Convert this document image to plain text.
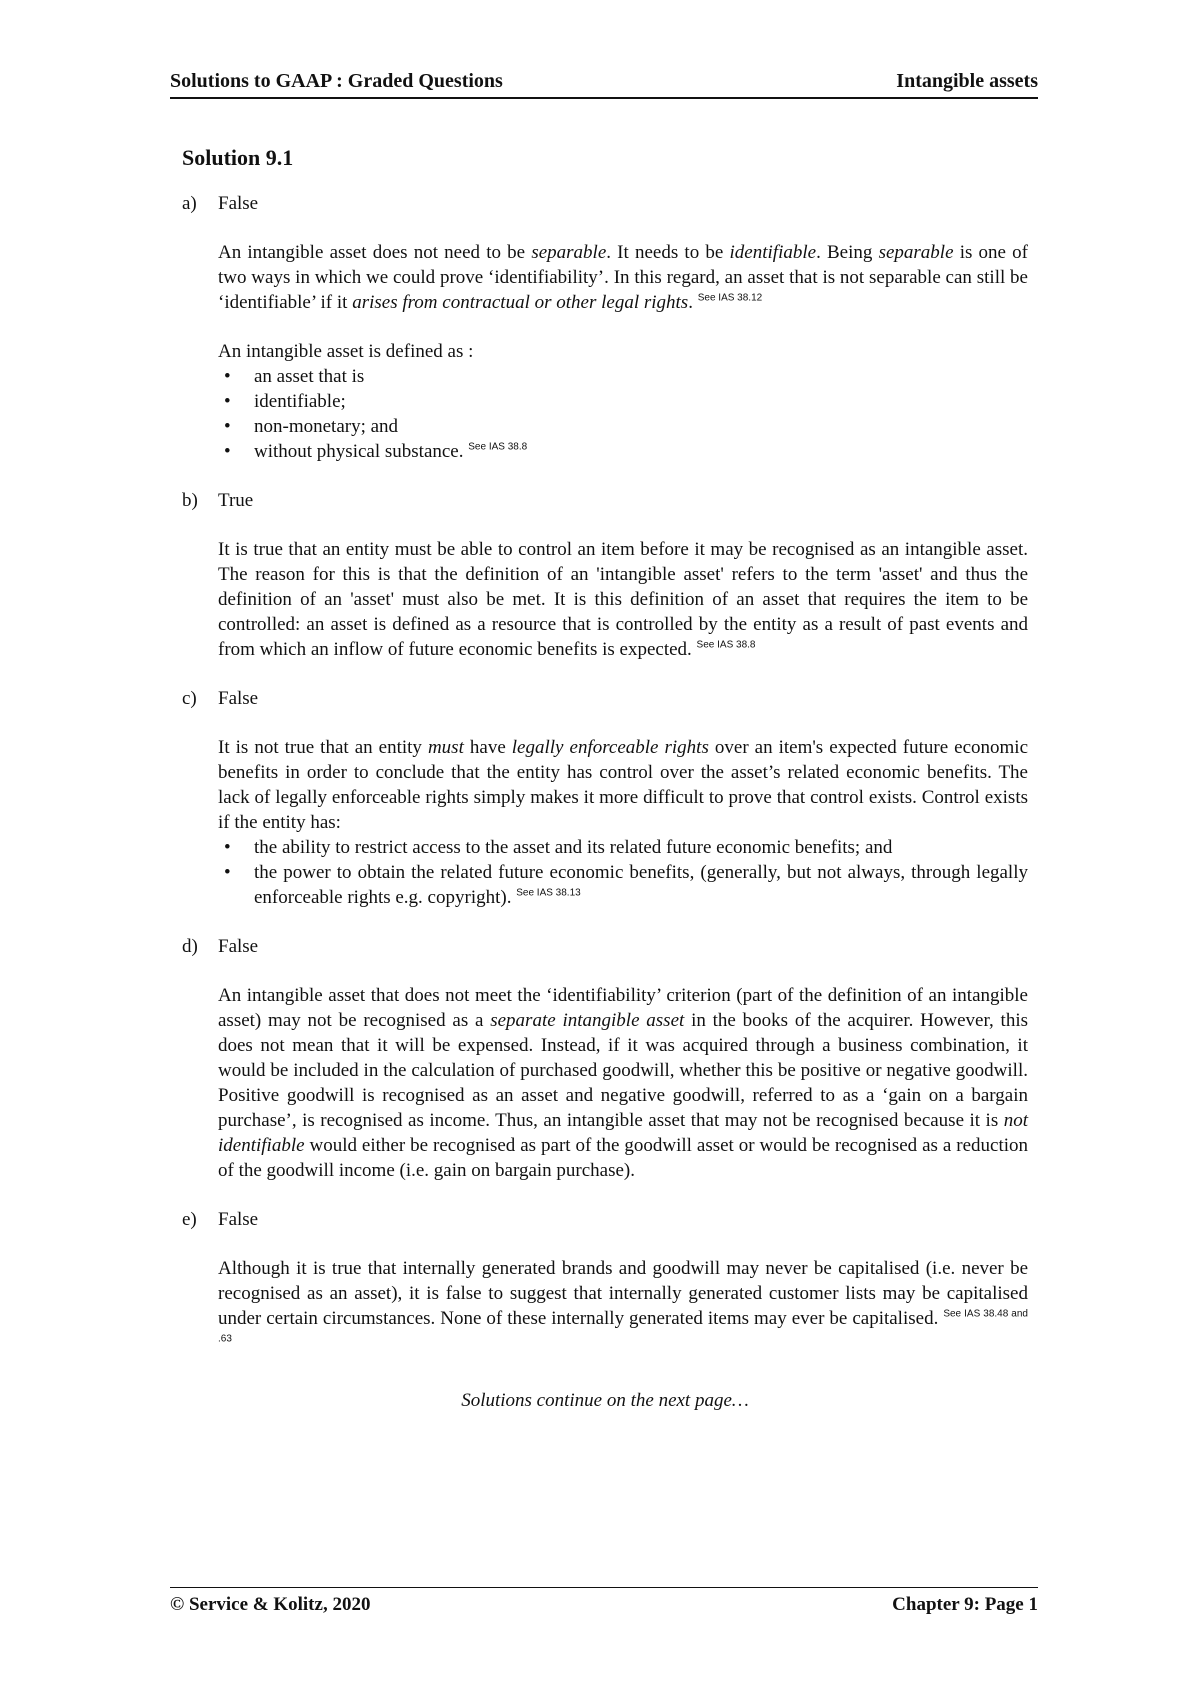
Solutions to GAAP : Graded Questions	Intangible assets
Solution 9.1
a)	False
An intangible asset does not need to be separable. It needs to be identifiable. Being separable is one of two ways in which we could prove ‘identifiability’. In this regard, an asset that is not separable can still be ‘identifiable’ if it arises from contractual or other legal rights. $^{See IAS 38.12}$
An intangible asset is defined as :
• an asset that is
• identifiable;
• non-monetary; and
• without physical substance. $^{See IAS 38.8}$
b)	True
It is true that an entity must be able to control an item before it may be recognised as an intangible asset. The reason for this is that the definition of an 'intangible asset' refers to the term 'asset' and thus the definition of an 'asset' must also be met. It is this definition of an asset that requires the item to be controlled: an asset is defined as a resource that is controlled by the entity as a result of past events and from which an inflow of future economic benefits is expected. $^{See IAS 38.8}$
c)	False
It is not true that an entity must have legally enforceable rights over an item's expected future economic benefits in order to conclude that the entity has control over the asset’s related economic benefits. The lack of legally enforceable rights simply makes it more difficult to prove that control exists. Control exists if the entity has:
• the ability to restrict access to the asset and its related future economic benefits; and
• the power to obtain the related future economic benefits, (generally, but not always, through legally enforceable rights e.g. copyright). $^{See IAS 38.13}$
d)	False
An intangible asset that does not meet the ‘identifiability’ criterion (part of the definition of an intangible asset) may not be recognised as a separate intangible asset in the books of the acquirer. However, this does not mean that it will be expensed. Instead, if it was acquired through a business combination, it would be included in the calculation of purchased goodwill, whether this be positive or negative goodwill. Positive goodwill is recognised as an asset and negative goodwill, referred to as a ‘gain on a bargain purchase’, is recognised as income. Thus, an intangible asset that may not be recognised because it is not identifiable would either be recognised as part of the goodwill asset or would be recognised as a reduction of the goodwill income (i.e. gain on bargain purchase).
e)	False
Although it is true that internally generated brands and goodwill may never be capitalised (i.e. never be recognised as an asset), it is false to suggest that internally generated customer lists may be capitalised under certain circumstances. None of these internally generated items may ever be capitalised. $^{See IAS 38.48 and .63}$
Solutions continue on the next page…
© Service & Kolitz, 2020	Chapter 9: Page 1
